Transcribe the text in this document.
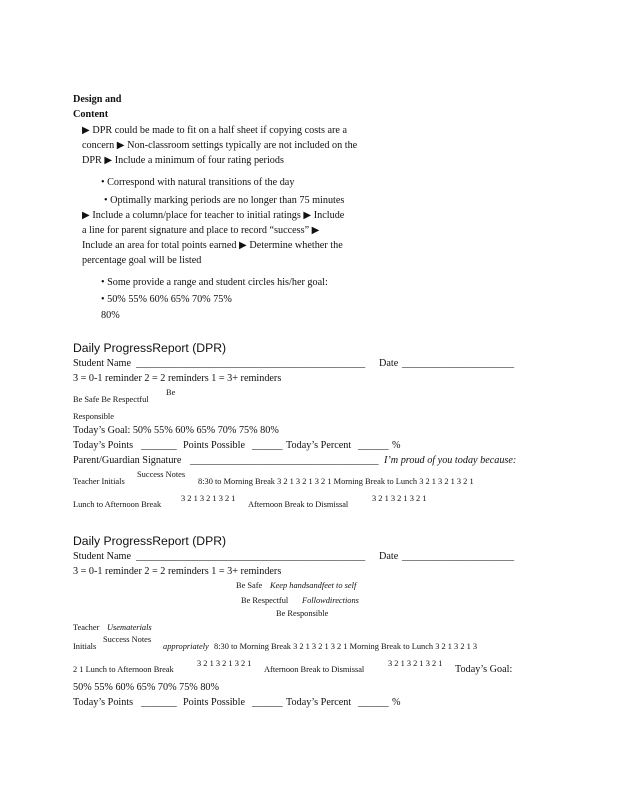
Design and
Content
▶ DPR could be made to fit on a half sheet if copying costs are a
concern ▶ Non-classroom settings typically are not included on the
DPR ▶ Include a minimum of four rating periods
• Correspond with natural transitions of the day
• Optimally marking periods are no longer than 75 minutes
▶ Include a column/place for teacher to initial ratings ▶ Include
a line for parent signature and place to record “success” ▶
Include an area for total points earned ▶ Determine whether the
percentage goal will be listed
• Some provide a range and student circles his/her goal:
• 50% 55% 60% 65% 70% 75%
80%
Daily ProgressReport (DPR)
Student Name _____________________________________________ Date ______________________
3 = 0-1 reminder 2 = 2 reminders 1 = 3+ reminders
Be Safe Be Respectful
Be
Responsible
Today’s Goal: 50% 55% 60% 65% 70% 75% 80%
Today’s Points _______ Points Possible ______ Today’s Percent ______ %
Parent/Guardian Signature _____________________________________ I’m proud of you today because:
Teacher Initials
Success Notes
8:30 to Morning Break 3 2 1 3 2 1 3 2 1 Morning Break to Lunch 3 2 1 3 2 1 3 2 1
Lunch to Afternoon Break
3 2 1 3 2 1 3 2 1
Afternoon Break to Dismissal
3 2 1 3 2 1 3 2 1
Daily ProgressReport (DPR)
Student Name _____________________________________________ Date ______________________
3 = 0-1 reminder 2 = 2 reminders 1 = 3+ reminders
Be Safe Keep handsandfeet to self
Be Respectful Followdirections
Be Responsible
Teacher Usematerials
Initials
Success Notes
appropriately 8:30 to Morning Break 3 2 1 3 2 1 3 2 1 Morning Break to Lunch 3 2 1 3 2 1 3
2 1 Lunch to Afternoon Break
3 2 1 3 2 1 3 2 1
Afternoon Break to Dismissal
3 2 1 3 2 1 3 2 1
Today’s Goal:
50% 55% 60% 65% 70% 75% 80%
Today’s Points _______ Points Possible ______ Today’s Percent ______ %
